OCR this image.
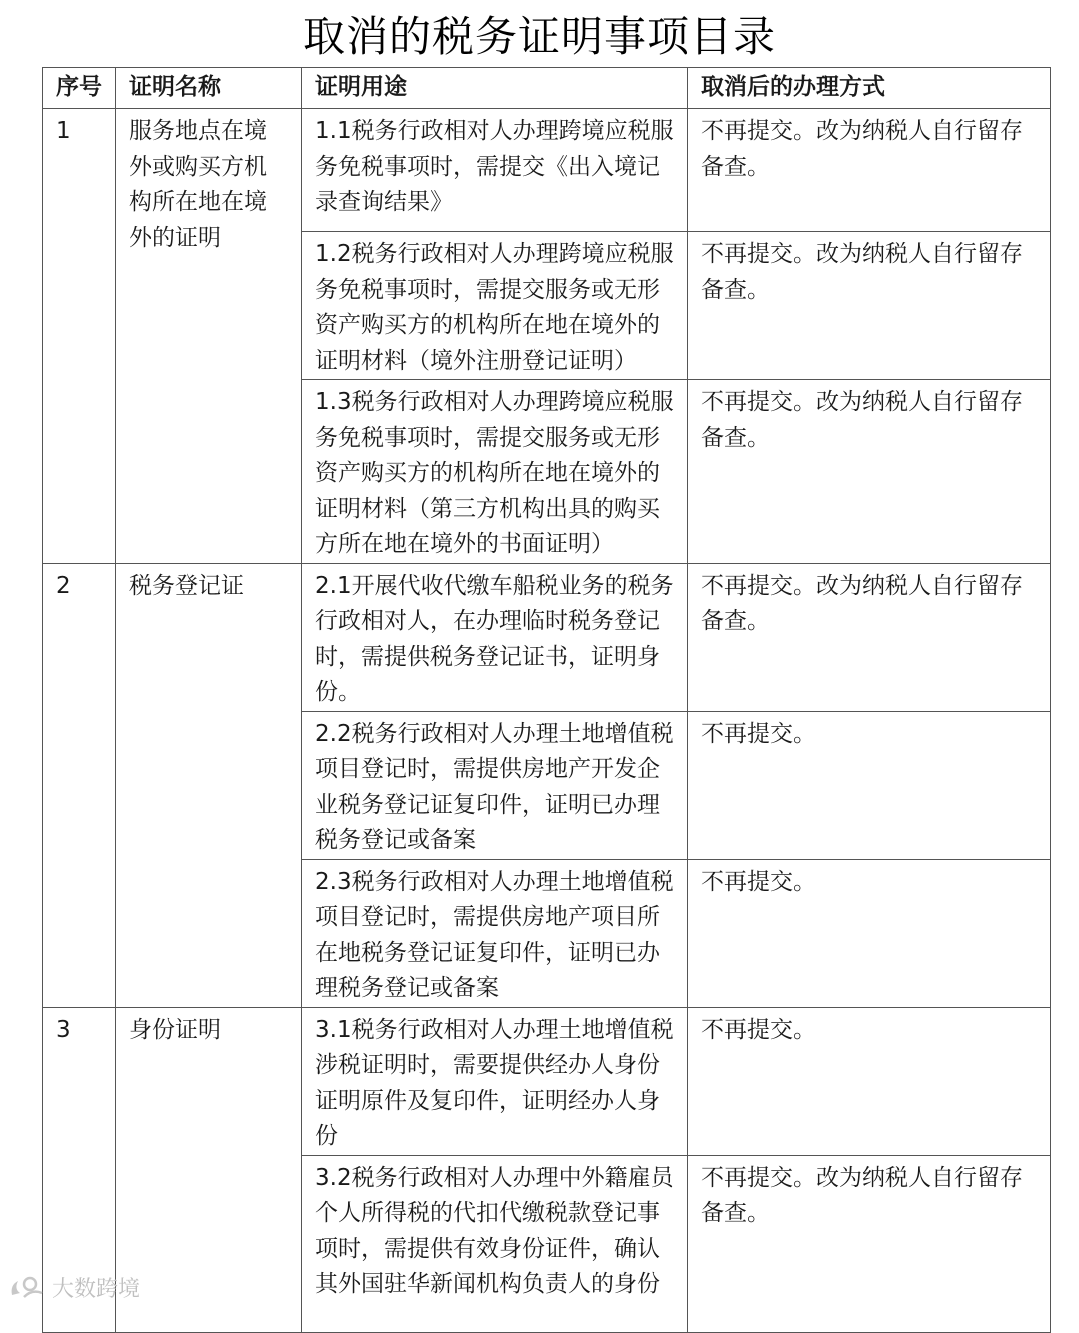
取消的税务证明事项目录
序号	证明名称	证明用途	取消后的办理方式
1	服务地点在境外或购买方机构所在地在境外的证明	1.1税务行政相对人办理跨境应税服务免税事项时，需提交《出入境记录查询结果》	不再提交。改为纳税人自行留存备查。
		1.2税务行政相对人办理跨境应税服务免税事项时，需提交服务或无形资产购买方的机构所在地在境外的证明材料（境外注册登记证明）	不再提交。改为纳税人自行留存备查。
		1.3税务行政相对人办理跨境应税服务免税事项时，需提交服务或无形资产购买方的机构所在地在境外的证明材料（第三方机构出具的购买方所在地在境外的书面证明）	不再提交。改为纳税人自行留存备查。
2	税务登记证	2.1开展代收代缴车船税业务的税务行政相对人，在办理临时税务登记时，需提供税务登记证书，证明身份。	不再提交。改为纳税人自行留存备查。
		2.2税务行政相对人办理土地增值税项目登记时，需提供房地产开发企业税务登记证复印件，证明已办理税务登记或备案	不再提交。
		2.3税务行政相对人办理土地增值税项目登记时，需提供房地产项目所在地税务登记证复印件，证明已办理税务登记或备案	不再提交。
3	身份证明	3.1税务行政相对人办理土地增值税涉税证明时，需要提供经办人身份证明原件及复印件，证明经办人身份	不再提交。
		3.2税务行政相对人办理中外籍雇员个人所得税的代扣代缴税款登记事项时，需提供有效身份证件，确认其外国驻华新闻机构负责人的身份	不再提交。改为纳税人自行留存备查。
大数跨境
